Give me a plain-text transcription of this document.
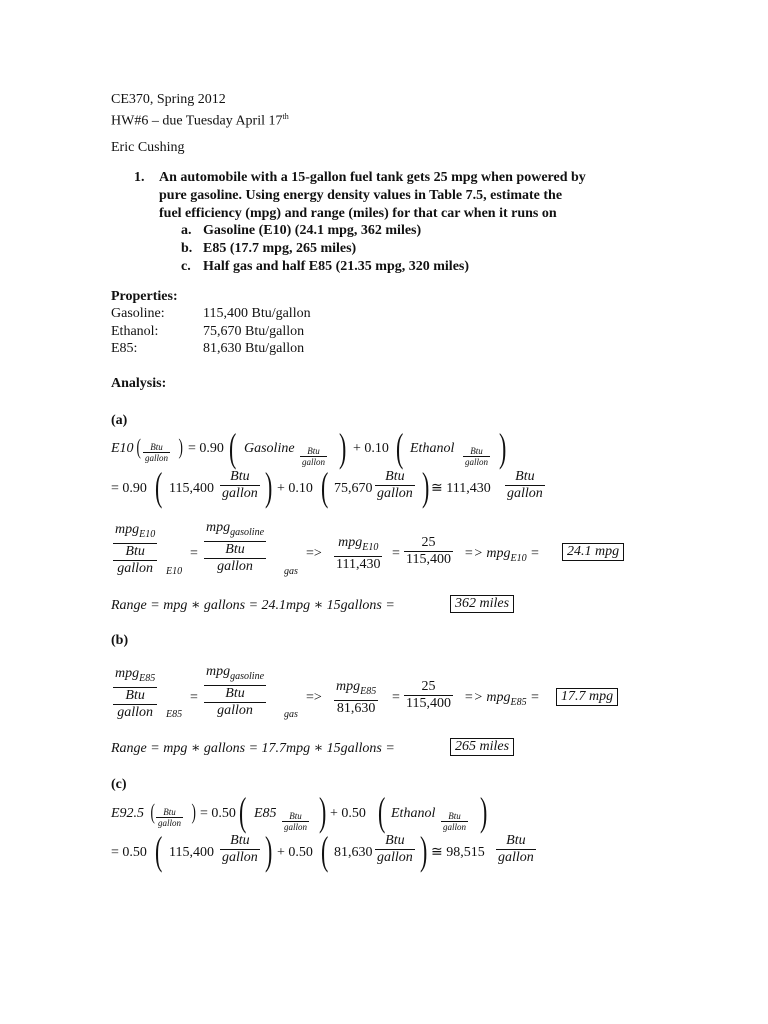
CE370, Spring 2012
HW#6 – due Tuesday April 17th
Eric Cushing
1. An automobile with a 15-gallon fuel tank gets 25 mpg when powered by
pure gasoline. Using energy density values in Table 7.5, estimate the
fuel efficiency (mpg) and range (miles) for that car when it runs on
a. Gasoline (E10) (24.1 mpg, 362 miles)
b. E85 (17.7 mpg, 265 miles)
c. Half gas and half E85 (21.35 mpg, 320 miles)
Properties:
Gasoline:	115,400 Btu/gallon
Ethanol:	75,670 Btu/gallon
E85:	81,630 Btu/gallon
Analysis:
(a)
E10 (	Btu
gallon ) = 0.90 ( Gasoline	Btu
gallon ) + 0.10 ( Ethanol	Btu
gallon )
= 0.90 ( 115,400
Btu
gallon ) + 0.10 ( 75,670
Btu
gallon ) ≅ 111,430
Btu
gallon
mpg$_{E10}$
Btu
gallon	E10
=
mpg$_{gasoline}$
Btu
gallon	gas
=>
mpg$_{E10}$
111,430
= $\frac{25}{115,400} => mpg_{E10}$ =	24.1 mpg
Range = mpg ∗ gallons = 24.1mpg ∗ 15gallons =	362 miles
(b)
mpg$_{E85}$
Btu
gallon	E85
=
mpg$_{gasoline}$
Btu
gallon	gas
=>
mpg$_{E85}$
81,630
= $\frac{25}{115,400} => mpg_{E85}$ =	17.7 mpg
Range = mpg ∗ gallons = 17.7mpg ∗ 15gallons =	265 miles
(c)
E92.5 ( Btu
gallon ) = 0.50 ( E85	Btu
gallon ) + 0.50 ( Ethanol	Btu
gallon )
= 0.50 ( 115,400
Btu
gallon ) + 0.50 ( 81,630
Btu
gallon ) ≅ 98,515
Btu
gallon
